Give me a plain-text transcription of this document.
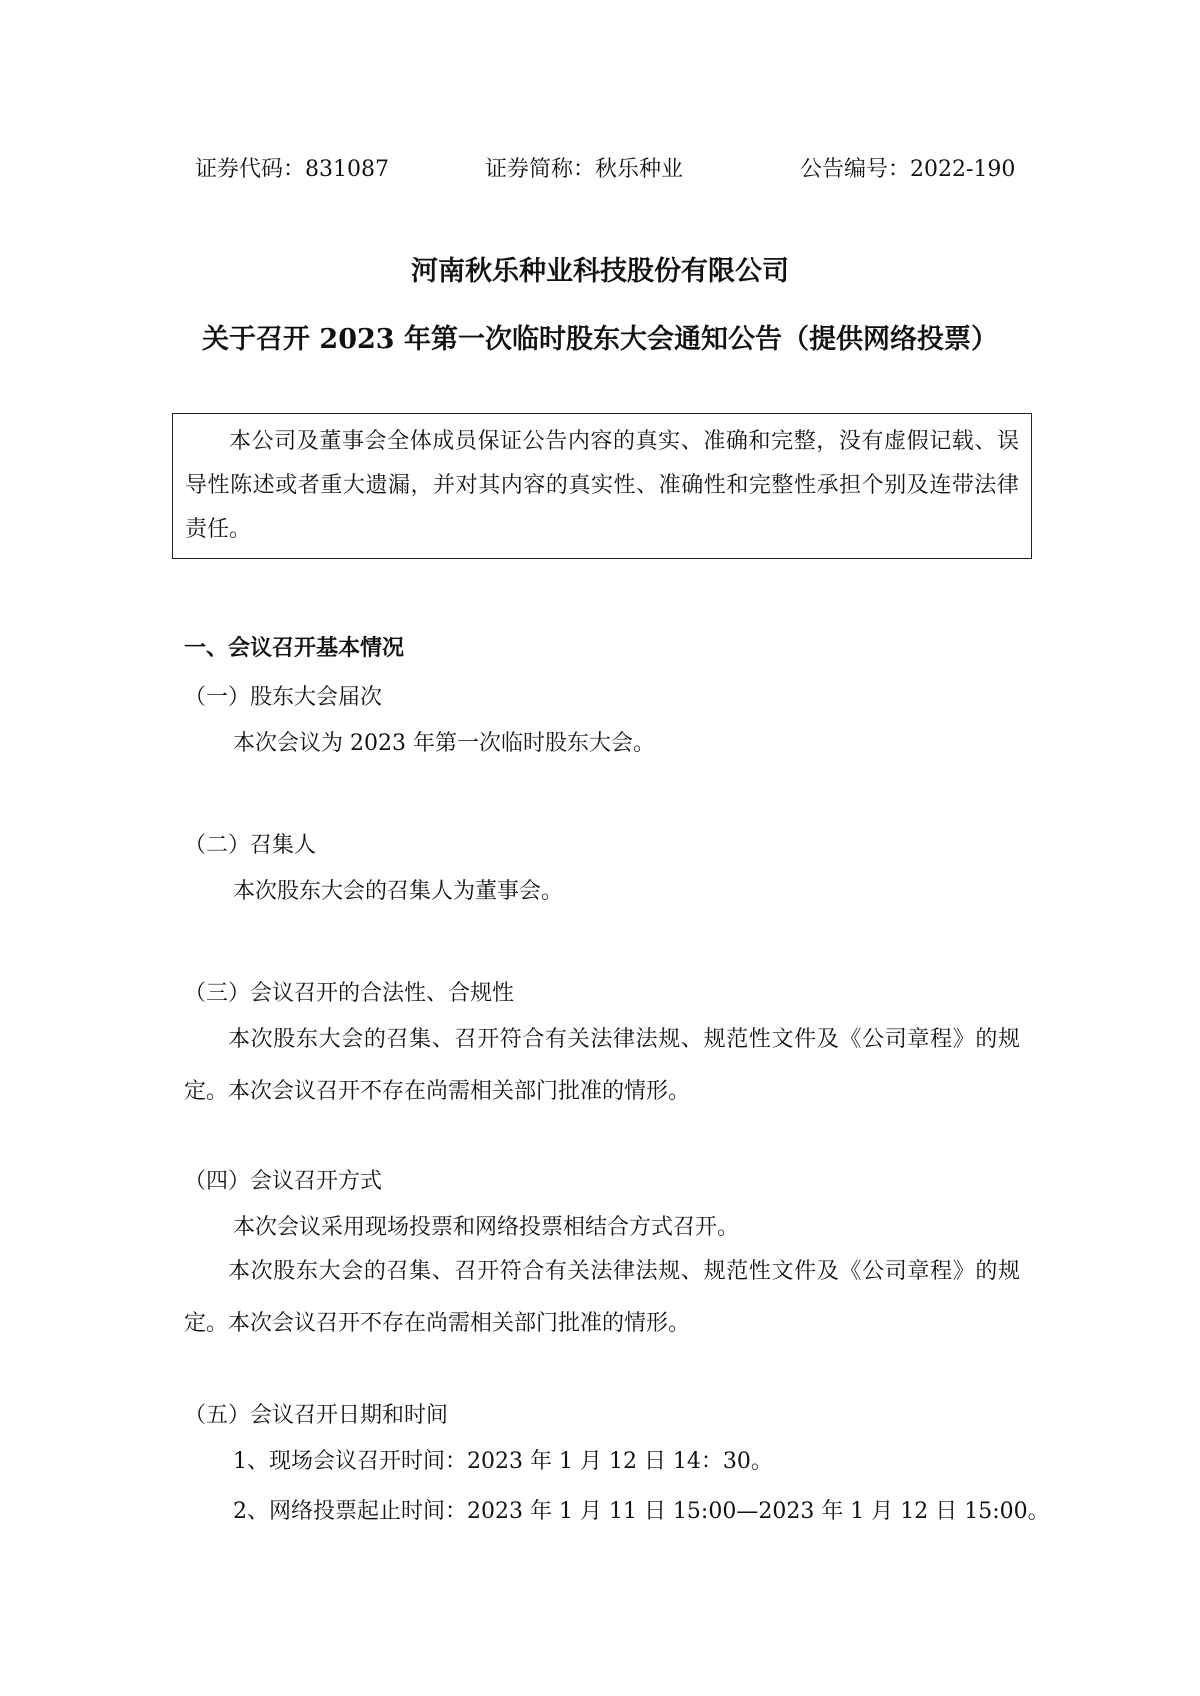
证券代码：831087	证券简称：秋乐种业	公告编号：2022-190
河南秋乐种业科技股份有限公司
关于召开 2023 年第一次临时股东大会通知公告（提供网络投票）
本公司及董事会全体成员保证公告内容的真实、准确和完整，没有虚假记载、误导性陈述或者重大遗漏，并对其内容的真实性、准确性和完整性承担个别及连带法律责任。
一、会议召开基本情况
（一）股东大会届次
本次会议为 2023 年第一次临时股东大会。
（二）召集人
本次股东大会的召集人为董事会。
（三）会议召开的合法性、合规性
本次股东大会的召集、召开符合有关法律法规、规范性文件及《公司章程》的规定。本次会议召开不存在尚需相关部门批准的情形。
（四）会议召开方式
本次会议采用现场投票和网络投票相结合方式召开。
本次股东大会的召集、召开符合有关法律法规、规范性文件及《公司章程》的规定。本次会议召开不存在尚需相关部门批准的情形。
（五）会议召开日期和时间
1、现场会议召开时间：2023 年 1 月 12 日 14：30。
2、网络投票起止时间：2023 年 1 月 11 日 15:00—2023 年 1 月 12 日 15:00。
